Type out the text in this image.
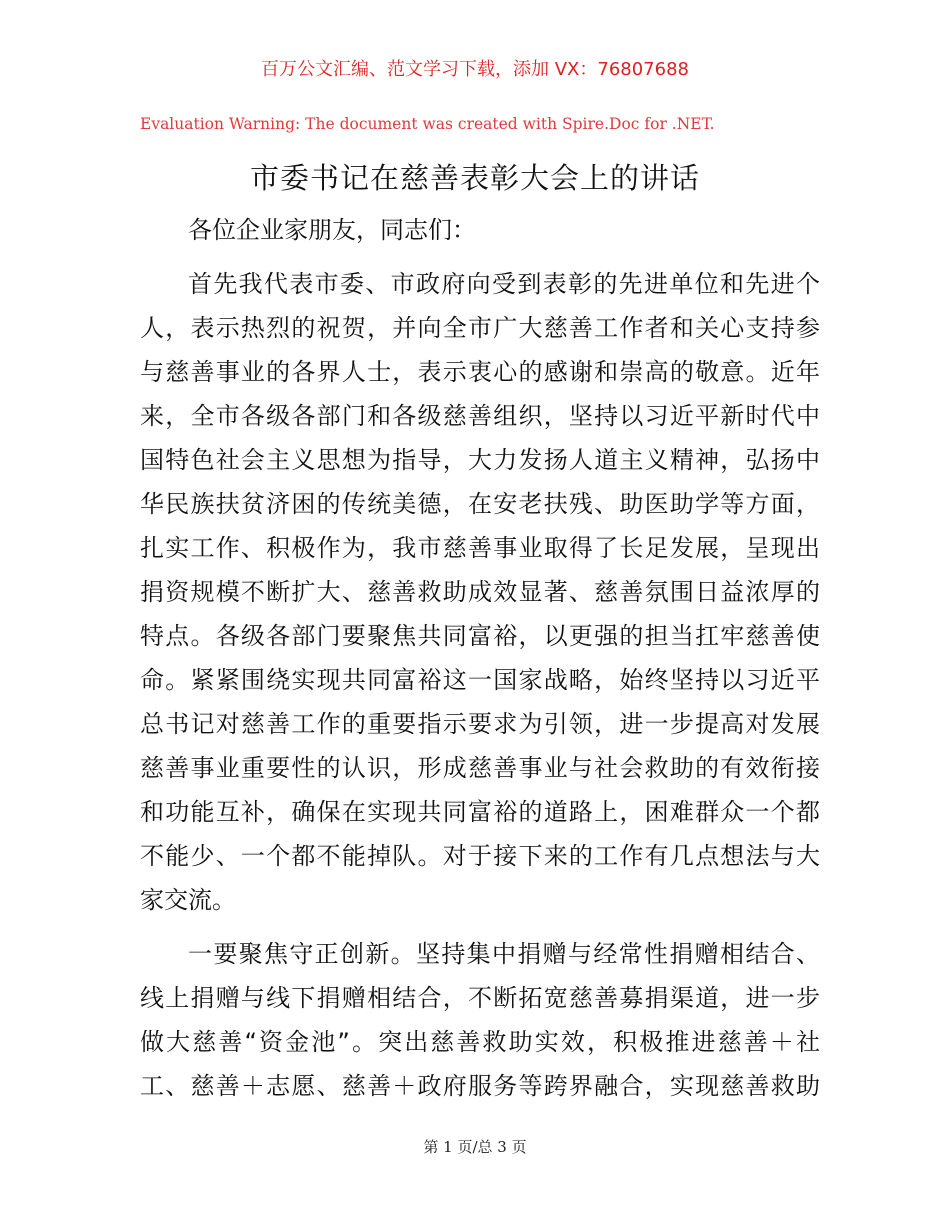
百万公文汇编、范文学习下载，添加 VX：76807688
Evaluation Warning: The document was created with Spire.Doc for .NET.
市委书记在慈善表彰大会上的讲话
各位企业家朋友，同志们：
首先我代表市委、市政府向受到表彰的先进单位和先进个
人，表示热烈的祝贺，并向全市广大慈善工作者和关心支持参
与慈善事业的各界人士，表示衷心的感谢和崇高的敬意。近年
来，全市各级各部门和各级慈善组织，坚持以习近平新时代中
国特色社会主义思想为指导，大力发扬人道主义精神，弘扬中
华民族扶贫济困的传统美德，在安老扶残、助医助学等方面，
扎实工作、积极作为，我市慈善事业取得了长足发展，呈现出
捐资规模不断扩大、慈善救助成效显著、慈善氛围日益浓厚的
特点。各级各部门要聚焦共同富裕，以更强的担当扛牢慈善使
命。紧紧围绕实现共同富裕这一国家战略，始终坚持以习近平
总书记对慈善工作的重要指示要求为引领，进一步提高对发展
慈善事业重要性的认识，形成慈善事业与社会救助的有效衔接
和功能互补，确保在实现共同富裕的道路上，困难群众一个都
不能少、一个都不能掉队。对于接下来的工作有几点想法与大
家交流。
一要聚焦守正创新。坚持集中捐赠与经常性捐赠相结合、
线上捐赠与线下捐赠相结合，不断拓宽慈善募捐渠道，进一步
做大慈善“资金池”。突出慈善救助实效，积极推进慈善＋社
工、慈善＋志愿、慈善＋政府服务等跨界融合，实现慈善救助
第 1 页/总 3 页
